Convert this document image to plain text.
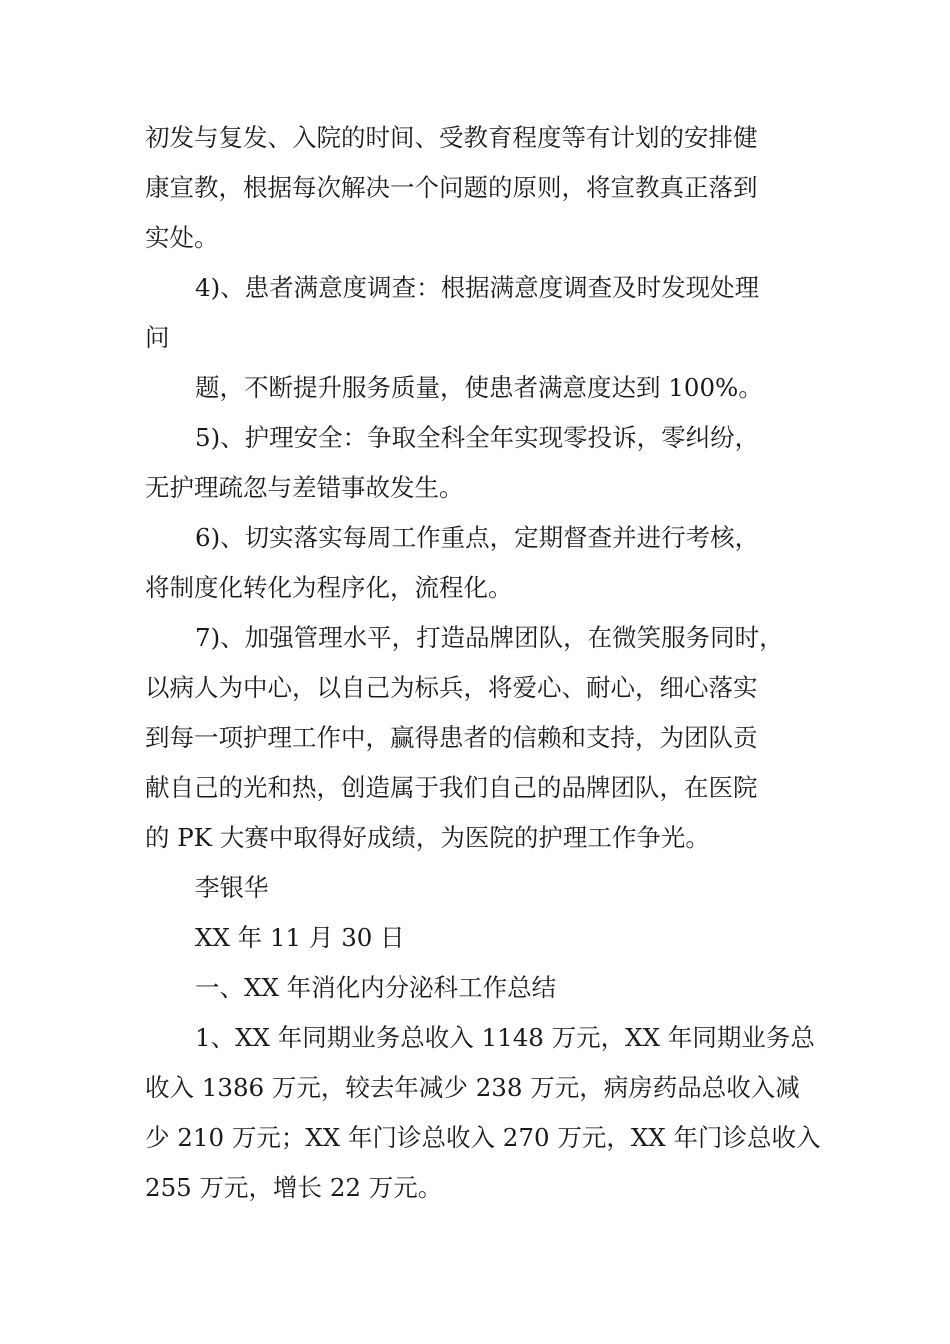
初发与复发、入院的时间、受教育程度等有计划的安排健
康宣教，根据每次解决一个问题的原则，将宣教真正落到
实处。
4)、患者满意度调查：根据满意度调查及时发现处理
问
题，不断提升服务质量，使患者满意度达到 100%。
5)、护理安全：争取全科全年实现零投诉，零纠纷，
无护理疏忽与差错事故发生。
6)、切实落实每周工作重点，定期督查并进行考核，
将制度化转化为程序化，流程化。
7)、加强管理水平，打造品牌团队，在微笑服务同时，
以病人为中心，以自己为标兵，将爱心、耐心，细心落实
到每一项护理工作中，赢得患者的信赖和支持，为团队贡
献自己的光和热，创造属于我们自己的品牌团队，在医院
的 PK 大赛中取得好成绩，为医院的护理工作争光。
李银华
XX 年 11 月 30 日
一、XX 年消化内分泌科工作总结
1、XX 年同期业务总收入 1148 万元，XX 年同期业务总
收入 1386 万元，较去年减少 238 万元，病房药品总收入减
少 210 万元；XX 年门诊总收入 270 万元，XX 年门诊总收入
255 万元，增长 22 万元。
